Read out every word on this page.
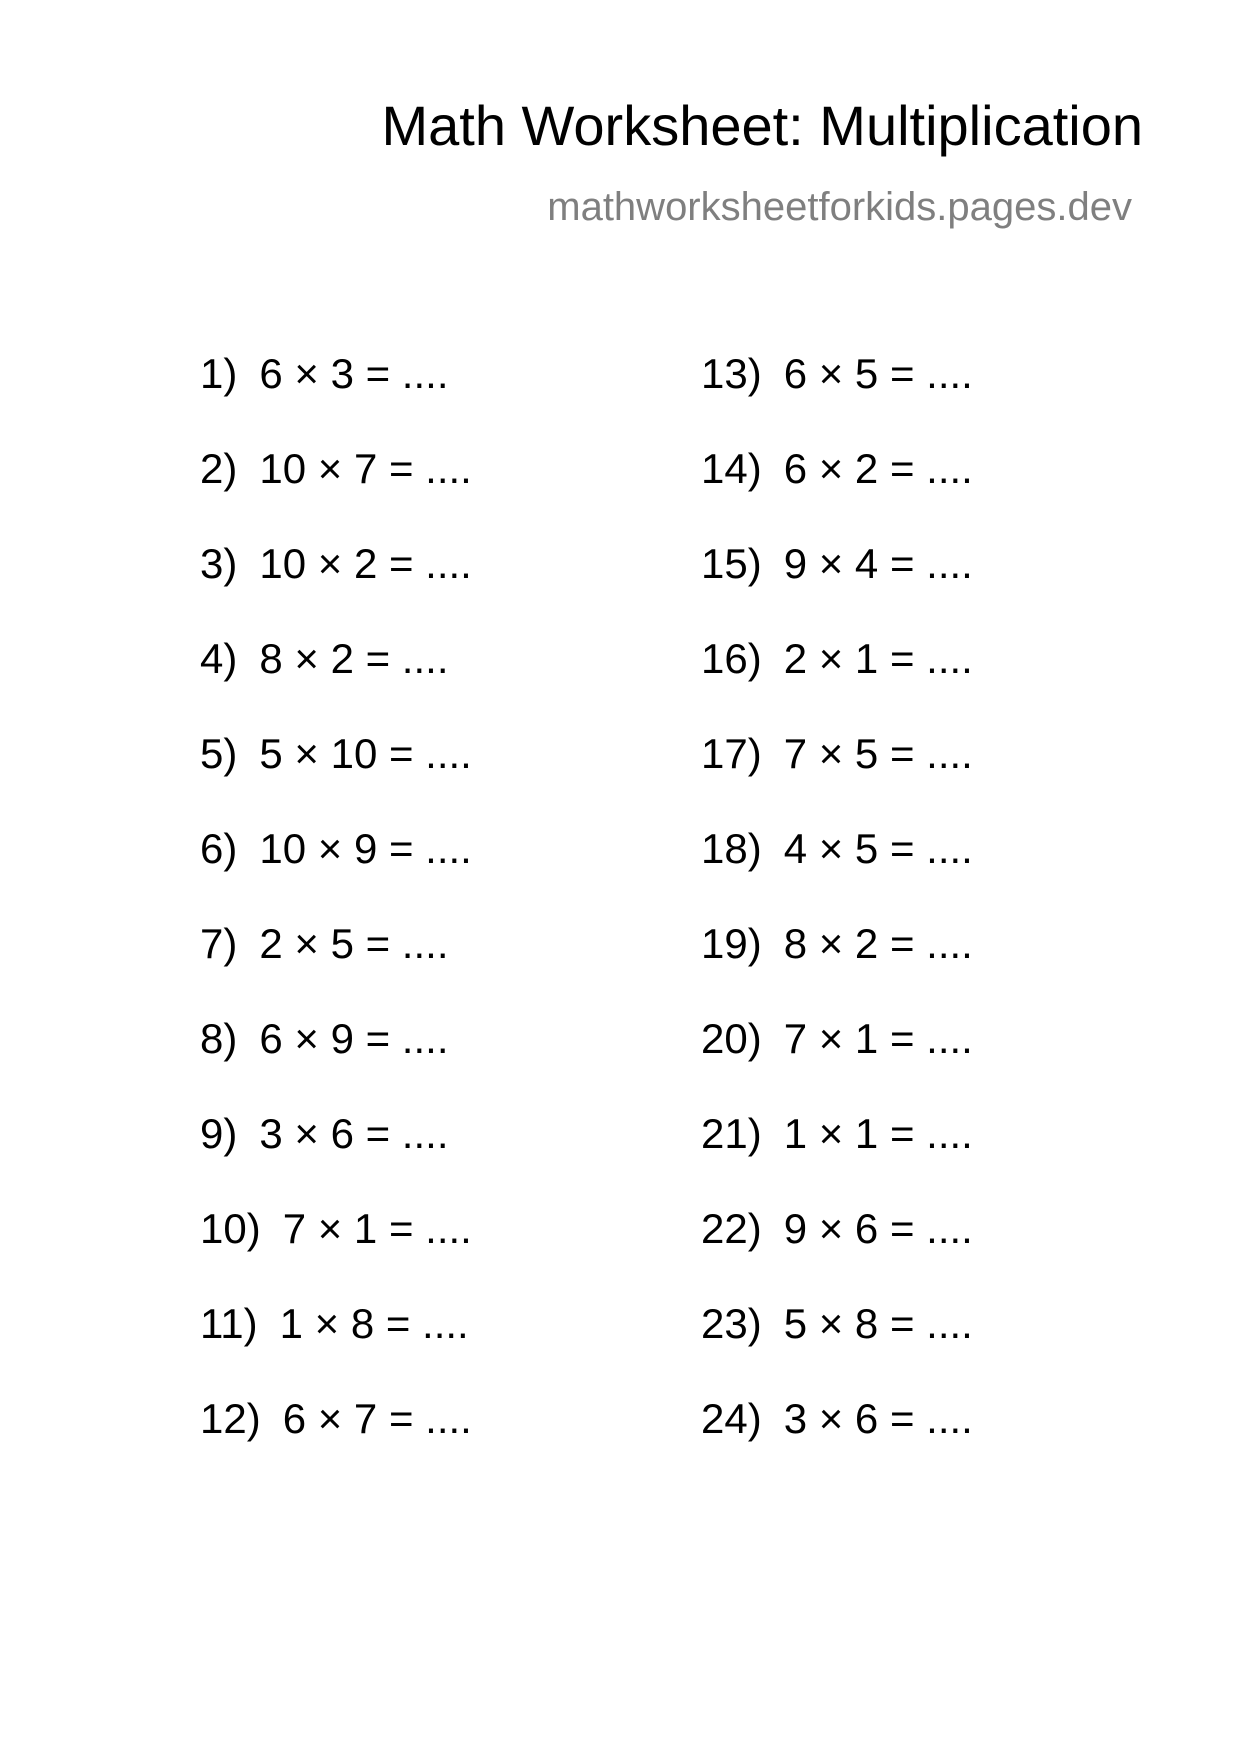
Math Worksheet: Multiplication
mathworksheetforkids.pages.dev
1) 6 × 3 = ....
2) 10 × 7 = ....
3) 10 × 2 = ....
4) 8 × 2 = ....
5) 5 × 10 = ....
6) 10 × 9 = ....
7) 2 × 5 = ....
8) 6 × 9 = ....
9) 3 × 6 = ....
10) 7 × 1 = ....
11) 1 × 8 = ....
12) 6 × 7 = ....
13) 6 × 5 = ....
14) 6 × 2 = ....
15) 9 × 4 = ....
16) 2 × 1 = ....
17) 7 × 5 = ....
18) 4 × 5 = ....
19) 8 × 2 = ....
20) 7 × 1 = ....
21) 1 × 1 = ....
22) 9 × 6 = ....
23) 5 × 8 = ....
24) 3 × 6 = ....
